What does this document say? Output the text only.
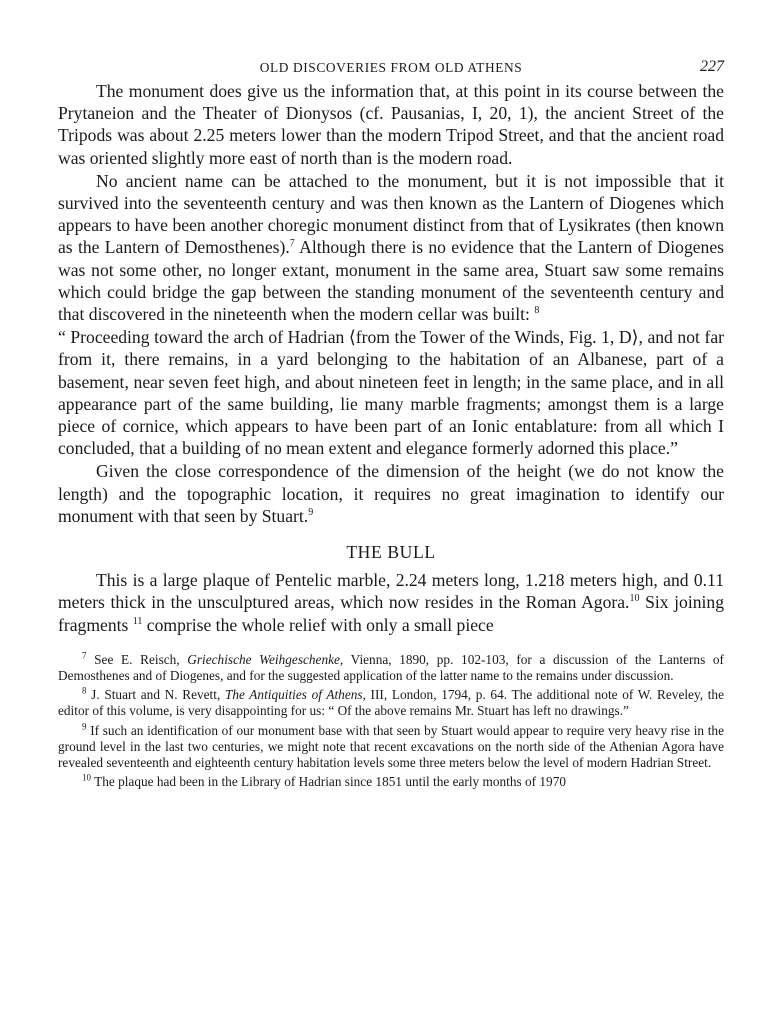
OLD DISCOVERIES FROM OLD ATHENS	227

The monument does give us the information that, at this point in its course between the Prytaneion and the Theater of Dionysos (cf. Pausanias, I, 20, 1), the ancient Street of the Tripods was about 2.25 meters lower than the modern Tripod Street, and that the ancient road was oriented slightly more east of north than is the modern road.

No ancient name can be attached to the monument, but it is not impossible that it survived into the seventeenth century and was then known as the Lantern of Diogenes which appears to have been another choregic monument distinct from that of Lysikrates (then known as the Lantern of Demosthenes).$^7$ Although there is no evidence that the Lantern of Diogenes was not some other, no longer extant, monument in the same area, Stuart saw some remains which could bridge the gap between the standing monument of the seventeenth century and that discovered in the nineteenth when the modern cellar was built: $^8$

“ Proceeding toward the arch of Hadrian ⟨from the Tower of the Winds, Fig. 1, D⟩, and not far from it, there remains, in a yard belonging to the habitation of an Albanese, part of a basement, near seven feet high, and about nineteen feet in length; in the same place, and in all appearance part of the same building, lie many marble fragments; amongst them is a large piece of cornice, which appears to have been part of an Ionic entablature: from all which I concluded, that a building of no mean extent and elegance formerly adorned this place.”

Given the close correspondence of the dimension of the height (we do not know the length) and the topographic location, it requires no great imagination to identify our monument with that seen by Stuart.$^9$

THE BULL

This is a large plaque of Pentelic marble, 2.24 meters long, 1.218 meters high, and 0.11 meters thick in the unsculptured areas, which now resides in the Roman Agora.$^{10}$ Six joining fragments $^{11}$ comprise the whole relief with only a small piece

$^7$ See E. Reisch, Griechische Weihgeschenke, Vienna, 1890, pp. 102-103, for a discussion of the Lanterns of Demosthenes and of Diogenes, and for the suggested application of the latter name to the remains under discussion.

$^8$ J. Stuart and N. Revett, The Antiquities of Athens, III, London, 1794, p. 64. The additional note of W. Reveley, the editor of this volume, is very disappointing for us: “ Of the above remains Mr. Stuart has left no drawings.”

$^9$ If such an identification of our monument base with that seen by Stuart would appear to require very heavy rise in the ground level in the last two centuries, we might note that recent excavations on the north side of the Athenian Agora have revealed seventeenth and eighteenth century habitation levels some three meters below the level of modern Hadrian Street.

$^{10}$ The plaque had been in the Library of Hadrian since 1851 until the early months of 1970
